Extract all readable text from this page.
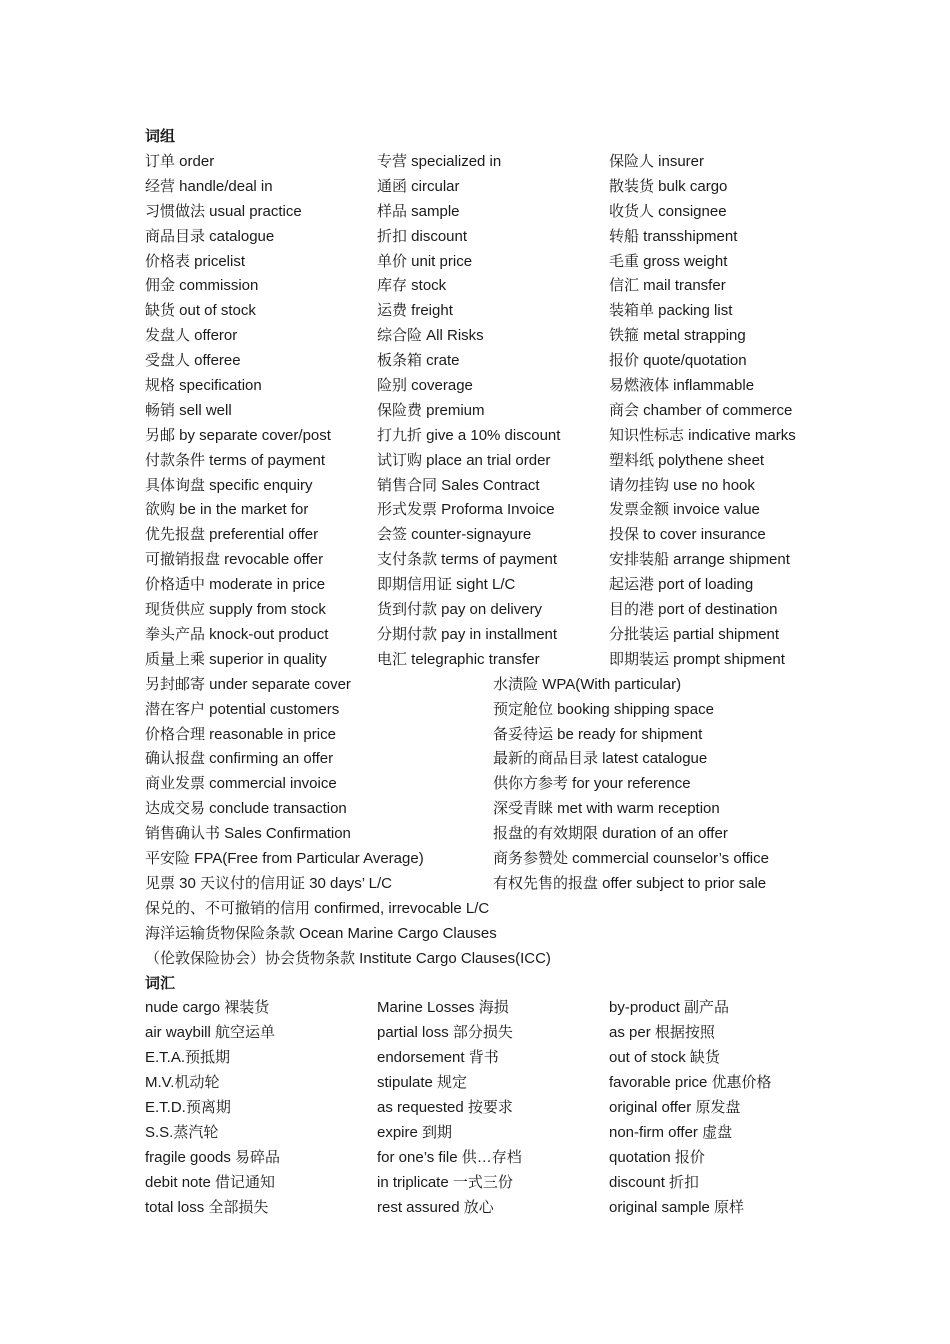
词组
订单 order	专营 specialized in	保险人 insurer
经营 handle/deal in	通函 circular	散装货 bulk cargo
习惯做法 usual practice	样品 sample	收货人 consignee
商品目录 catalogue	折扣 discount	转船 transshipment
价格表 pricelist	单价 unit price	毛重 gross weight
佣金 commission	库存 stock	信汇 mail transfer
缺货 out of stock	运费 freight	装箱单 packing list
发盘人 offeror	综合险 All Risks	铁箍 metal strapping
受盘人 offeree	板条箱 crate	报价 quote/quotation
规格 specification	险别 coverage	易燃液体 inflammable
畅销 sell well	保险费 premium	商会 chamber of commerce
另邮 by separate cover/post	打九折 give a 10% discount	知识性标志 indicative marks
付款条件 terms of payment	试订购 place an trial order	塑料纸 polythene sheet
具体询盘 specific enquiry	销售合同 Sales Contract	请勿挂钩 use no hook
欲购 be in the market for	形式发票 Proforma Invoice	发票金额 invoice value
优先报盘 preferential offer	会签 counter-signayure	投保 to cover insurance
可撤销报盘 revocable offer	支付条款 terms of payment	安排装船 arrange shipment
价格适中 moderate in price	即期信用证 sight L/C	起运港 port of loading
现货供应 supply from stock	货到付款 pay on delivery	目的港 port of destination
拳头产品 knock-out product	分期付款 pay in installment	分批装运 partial shipment
质量上乘 superior in quality	电汇 telegraphic transfer	即期装运 prompt shipment
另封邮寄 under separate cover	水渍险 WPA(With particular)
潜在客户 potential customers	预定舱位 booking shipping space
价格合理 reasonable in price	备妥待运 be ready for shipment
确认报盘 confirming an offer	最新的商品目录 latest catalogue
商业发票 commercial invoice	供你方参考 for your reference
达成交易 conclude transaction	深受青睐 met with warm reception
销售确认书 Sales Confirmation	报盘的有效期限 duration of an offer
平安险 FPA(Free from Particular Average)	商务参赞处 commercial counselor’s office
见票 30 天议付的信用证 30 days’ L/C	有权先售的报盘 offer subject to prior sale
保兑的、不可撤销的信用 confirmed, irrevocable L/C
海洋运输货物保险条款 Ocean Marine Cargo Clauses
（伦敦保险协会）协会货物条款 Institute Cargo Clauses(ICC)
词汇
nude cargo 裸装货	Marine Losses 海损	by-product 副产品
air waybill 航空运单	partial loss 部分损失	as per 根据按照
E.T.A.预抵期	endorsement 背书	out of stock 缺货
M.V.机动轮	stipulate 规定	favorable price 优惠价格
E.T.D.预离期	as requested 按要求	original offer 原发盘
S.S.蒸汽轮	expire 到期	non-firm offer 虚盘
fragile goods 易碎品	for one’s file 供…存档	quotation 报价
debit note 借记通知	in triplicate 一式三份	discount 折扣
total loss 全部损失	rest assured 放心	original sample 原样
